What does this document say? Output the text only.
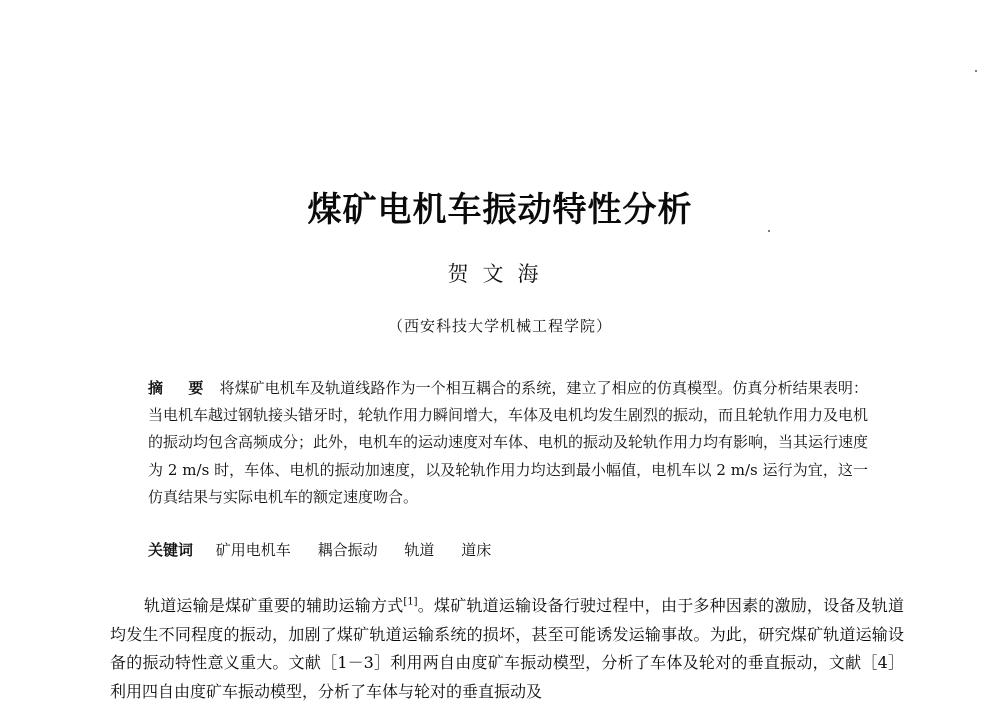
煤矿电机车振动特性分析
贺文海
（西安科技大学机械工程学院）
摘 要 将煤矿电机车及轨道线路作为一个相互耦合的系统，建立了相应的仿真模型。仿真分析结果表明：当电机车越过钢轨接头错牙时，轮轨作用力瞬间增大，车体及电机均发生剧烈的振动，而且轮轨作用力及电机的振动均包含高频成分；此外，电机车的运动速度对车体、电机的振动及轮轨作用力均有影响，当其运行速度为 2 m/s 时，车体、电机的振动加速度，以及轮轨作用力均达到最小幅值，电机车以 2 m/s 运行为宜，这一仿真结果与实际电机车的额定速度吻合。
关键词 矿用电机车 耦合振动 轨道 道床
轨道运输是煤矿重要的辅助运输方式[1]。煤矿轨道运输设备行驶过程中，由于多种因素的激励，设备及轨道均发生不同程度的振动，加剧了煤矿轨道运输系统的损坏，甚至可能诱发运输事故。为此，研究煤矿轨道运输设备的振动特性意义重大。文献［1－3］利用两自由度矿车振动模型，分析了车体及轮对的垂直振动，文献［4］利用四自由度矿车振动模型，分析了车体与轮对的垂直振动及
